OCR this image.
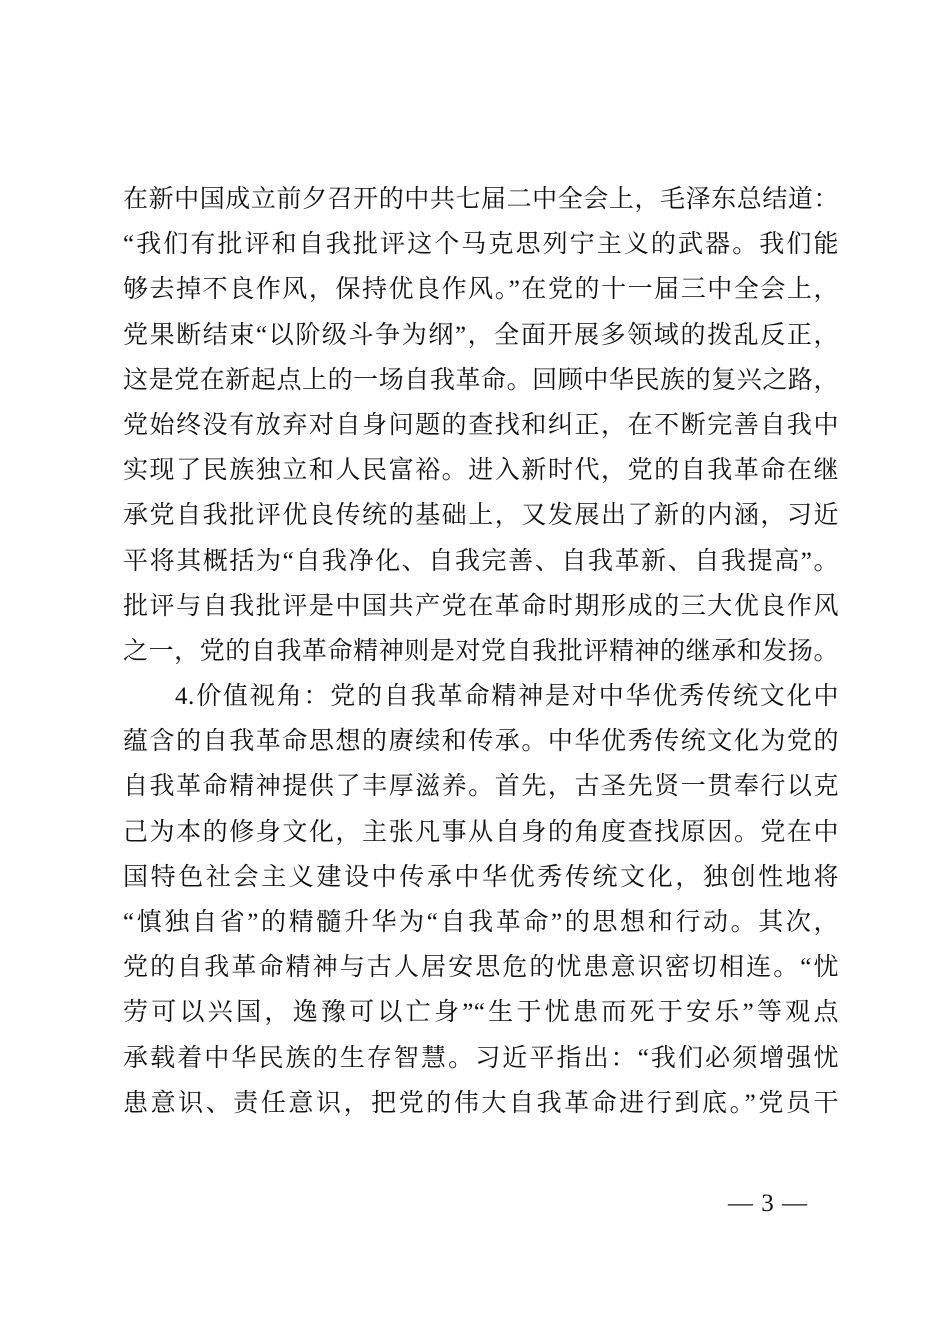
在新中国成立前夕召开的中共七届二中全会上，毛泽东总结道：
“我们有批评和自我批评这个马克思列宁主义的武器。我们能
够去掉不良作风，保持优良作风。”在党的十一届三中全会上，
党果断结束“以阶级斗争为纲”，全面开展多领域的拨乱反正，
这是党在新起点上的一场自我革命。回顾中华民族的复兴之路，
党始终没有放弃对自身问题的查找和纠正，在不断完善自我中
实现了民族独立和人民富裕。进入新时代，党的自我革命在继
承党自我批评优良传统的基础上，又发展出了新的内涵，习近
平将其概括为“自我净化、自我完善、自我革新、自我提高”。
批评与自我批评是中国共产党在革命时期形成的三大优良作风
之一，党的自我革命精神则是对党自我批评精神的继承和发扬。
4.价值视角：党的自我革命精神是对中华优秀传统文化中
蕴含的自我革命思想的赓续和传承。中华优秀传统文化为党的
自我革命精神提供了丰厚滋养。首先，古圣先贤一贯奉行以克
己为本的修身文化，主张凡事从自身的角度查找原因。党在中
国特色社会主义建设中传承中华优秀传统文化，独创性地将
“慎独自省”的精髓升华为“自我革命”的思想和行动。其次，
党的自我革命精神与古人居安思危的忧患意识密切相连。“忧
劳可以兴国，逸豫可以亡身”“生于忧患而死于安乐”等观点
承载着中华民族的生存智慧。习近平指出：“我们必须增强忧
患意识、责任意识，把党的伟大自我革命进行到底。”党员干
— 3 —
